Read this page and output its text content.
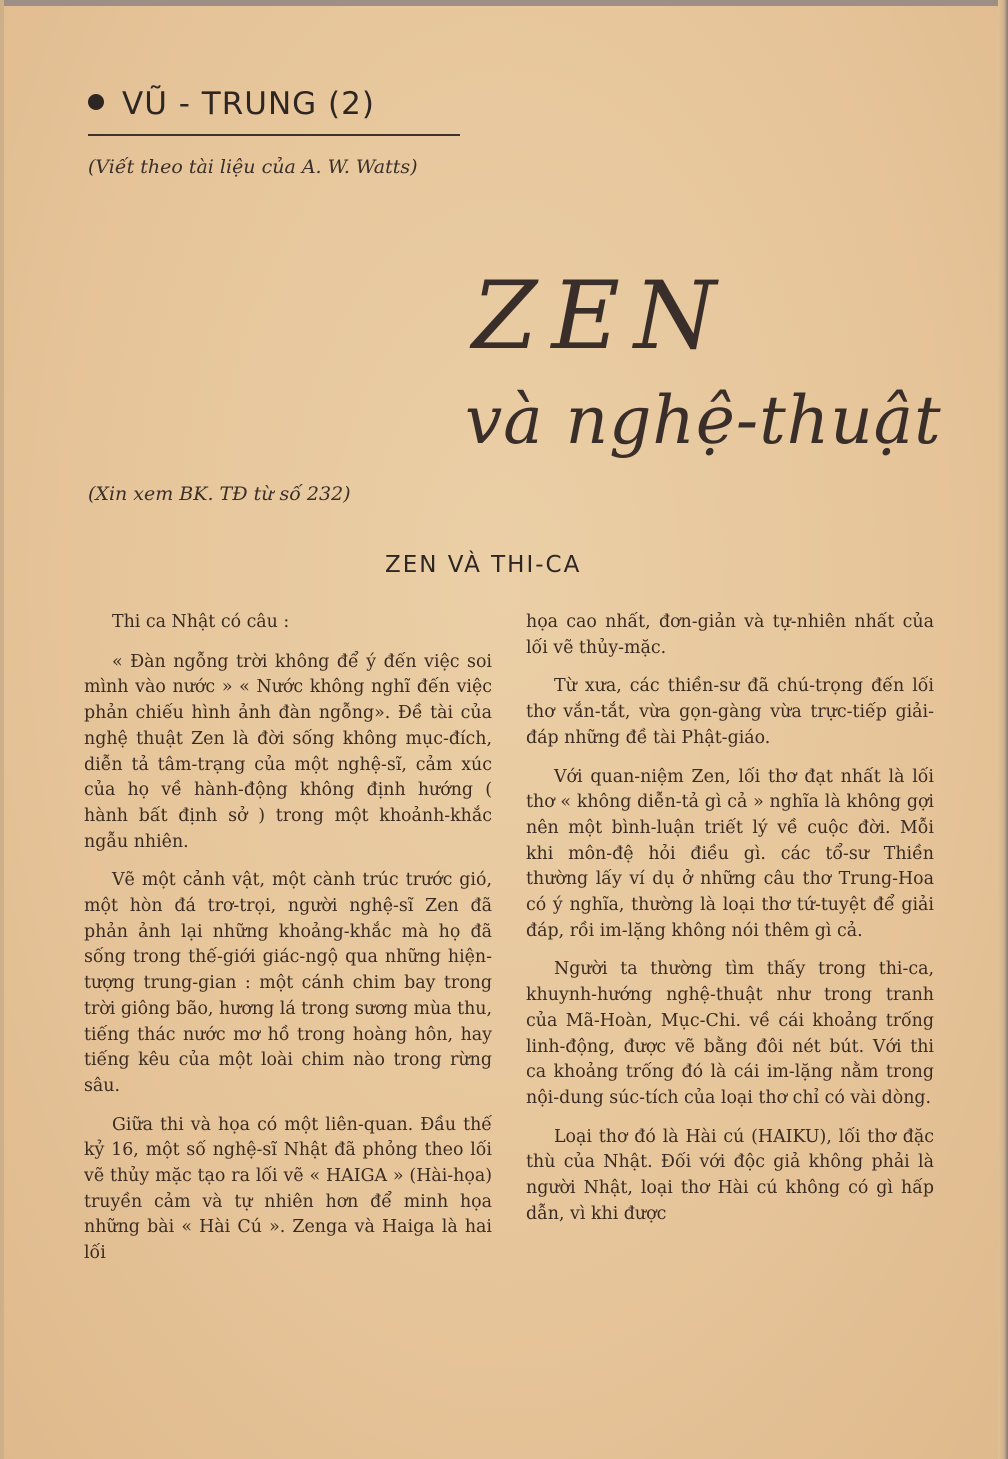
VŨ - TRUNG (2)
(Viết theo tài liệu của A. W. Watts)
ZEN
và nghệ-thuật
(Xin xem BK. TĐ từ số 232)
ZEN VÀ THI-CA

Thi ca Nhật có câu :

« Đàn ngỗng trời không để ý đến việc soi mình vào nước » « Nước không nghĩ đến việc phản chiếu hình ảnh đàn ngỗng». Đề tài của nghệ thuật Zen là đời sống không mục-đích, diễn tả tâm-trạng của một nghệ-sĩ, cảm xúc của họ về hành-động không định hướng ( hành bất định sở ) trong một khoảnh-khắc ngẫu nhiên.

Vẽ một cảnh vật, một cành trúc trước gió, một hòn đá trơ-trọi, người nghệ-sĩ Zen đã phản ảnh lại những khoảng-khắc mà họ đã sống trong thế-giới giác-ngộ qua những hiện-tượng trung-gian : một cánh chim bay trong trời giông bão, hương lá trong sương mùa thu, tiếng thác nước mơ hồ trong hoàng hôn, hay tiếng kêu của một loài chim nào trong rừng sâu.

Giữa thi và họa có một liên-quan. Đầu thế kỷ 16, một số nghệ-sĩ Nhật đã phỏng theo lối vẽ thủy mặc tạo ra lối vẽ « HAIGA » (Hài-họa) truyền cảm và tự nhiên hơn để minh họa những bài « Hài Cú ». Zenga và Haiga là hai lối

họa cao nhất, đơn-giản và tự-nhiên nhất của lối vẽ thủy-mặc.

Từ xưa, các thiền-sư đã chú-trọng đến lối thơ vắn-tắt, vừa gọn-gàng vừa trực-tiếp giải-đáp những đề tài Phật-giáo.

Với quan-niệm Zen, lối thơ đạt nhất là lối thơ « không diễn-tả gì cả » nghĩa là không gợi nên một bình-luận triết lý về cuộc đời. Mỗi khi môn-đệ hỏi điều gì. các tổ-sư Thiền thường lấy ví dụ ở những câu thơ Trung-Hoa có ý nghĩa, thường là loại thơ tứ-tuyệt để giải đáp, rồi im-lặng không nói thêm gì cả.

Người ta thường tìm thấy trong thi-ca, khuynh-hướng nghệ-thuật như trong tranh của Mã-Hoàn, Mục-Chi. về cái khoảng trống linh-động, được vẽ bằng đôi nét bút. Với thi ca khoảng trống đó là cái im-lặng nằm trong nội-dung súc-tích của loại thơ chỉ có vài dòng.

Loại thơ đó là Hài cú (HAIKU), lối thơ đặc thù của Nhật. Đối với độc giả không phải là người Nhật, loại thơ Hài cú không có gì hấp dẫn, vì khi được
